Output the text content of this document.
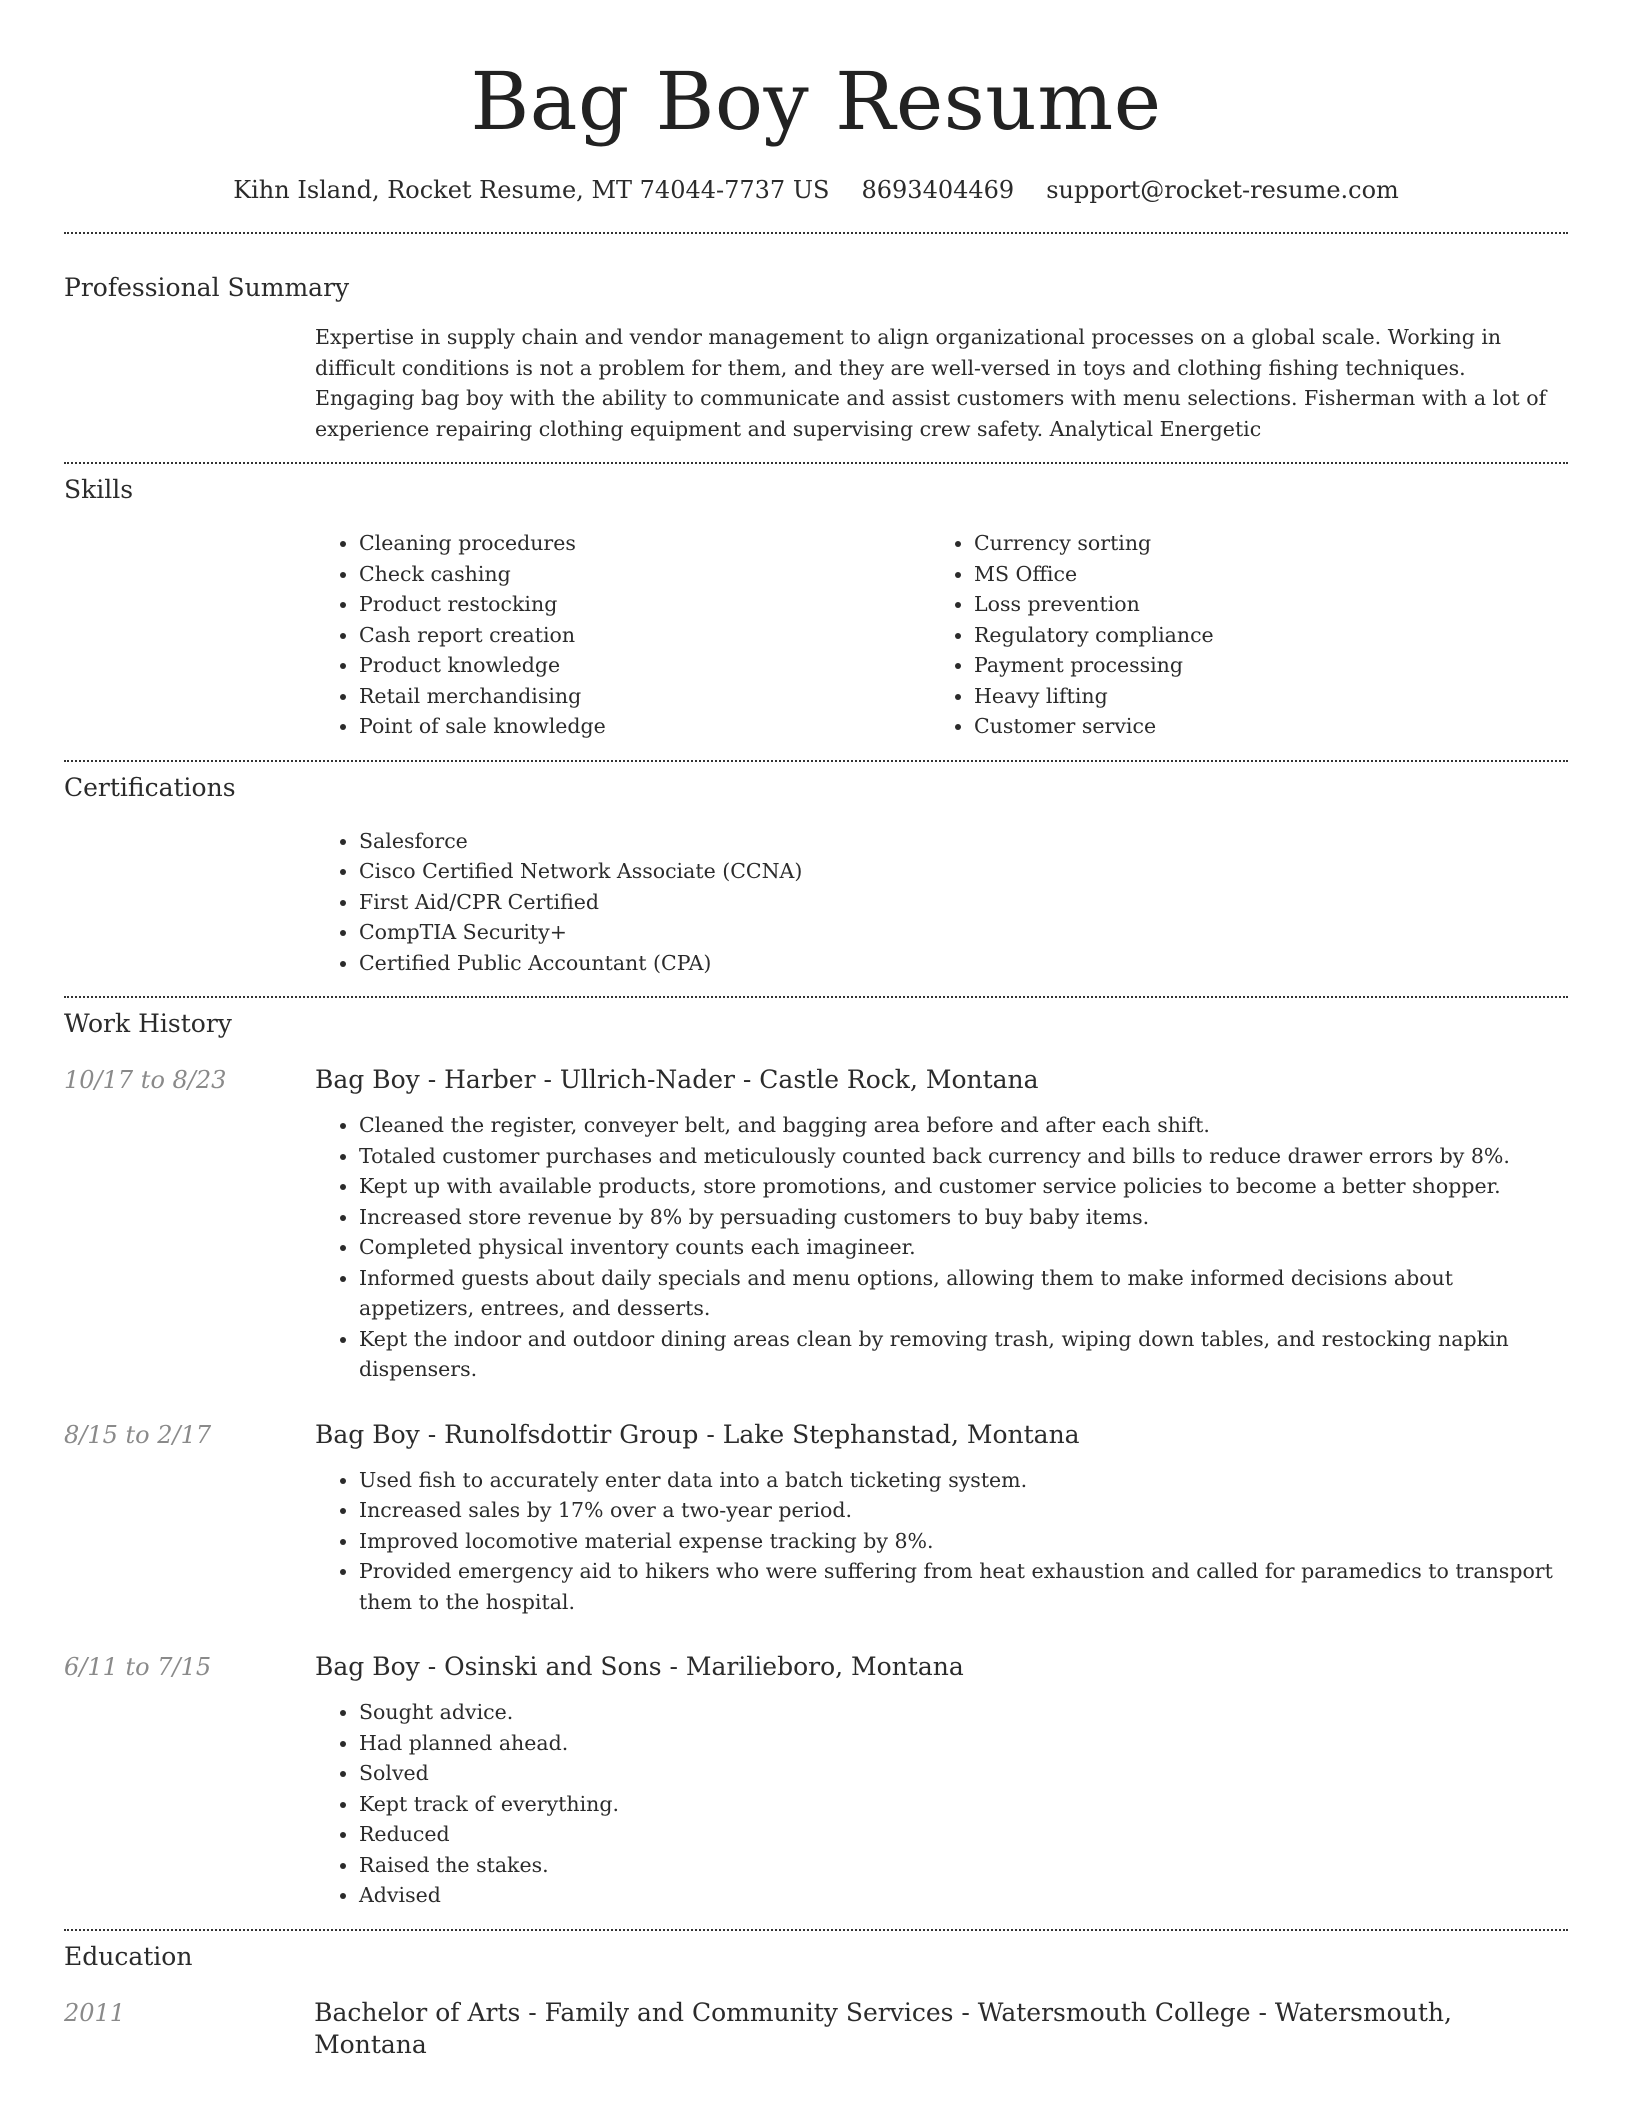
Bag Boy Resume
Kihn Island, Rocket Resume, MT 74044-7737 US 8693404469 support@rocket-resume.com
Professional Summary
Expertise in supply chain and vendor management to align organizational processes on a global scale. Working in difficult conditions is not a problem for them, and they are well-versed in toys and clothing fishing techniques. Engaging bag boy with the ability to communicate and assist customers with menu selections. Fisherman with a lot of experience repairing clothing equipment and supervising crew safety. Analytical Energetic
Skills
• Cleaning procedures
• Check cashing
• Product restocking
• Cash report creation
• Product knowledge
• Retail merchandising
• Point of sale knowledge
• Currency sorting
• MS Office
• Loss prevention
• Regulatory compliance
• Payment processing
• Heavy lifting
• Customer service
Certifications
• Salesforce
• Cisco Certified Network Associate (CCNA)
• First Aid/CPR Certified
• CompTIA Security+
• Certified Public Accountant (CPA)
Work History
10/17 to 8/23	Bag Boy - Harber - Ullrich-Nader - Castle Rock, Montana
• Cleaned the register, conveyer belt, and bagging area before and after each shift.
• Totaled customer purchases and meticulously counted back currency and bills to reduce drawer errors by 8%.
• Kept up with available products, store promotions, and customer service policies to become a better shopper.
• Increased store revenue by 8% by persuading customers to buy baby items.
• Completed physical inventory counts each imagineer.
• Informed guests about daily specials and menu options, allowing them to make informed decisions about appetizers, entrees, and desserts.
• Kept the indoor and outdoor dining areas clean by removing trash, wiping down tables, and restocking napkin dispensers.
8/15 to 2/17	Bag Boy - Runolfsdottir Group - Lake Stephanstad, Montana
• Used fish to accurately enter data into a batch ticketing system.
• Increased sales by 17% over a two-year period.
• Improved locomotive material expense tracking by 8%.
• Provided emergency aid to hikers who were suffering from heat exhaustion and called for paramedics to transport them to the hospital.
6/11 to 7/15	Bag Boy - Osinski and Sons - Marilieboro, Montana
• Sought advice.
• Had planned ahead.
• Solved
• Kept track of everything.
• Reduced
• Raised the stakes.
• Advised
Education
2011	Bachelor of Arts - Family and Community Services - Watersmouth College - Watersmouth, Montana
